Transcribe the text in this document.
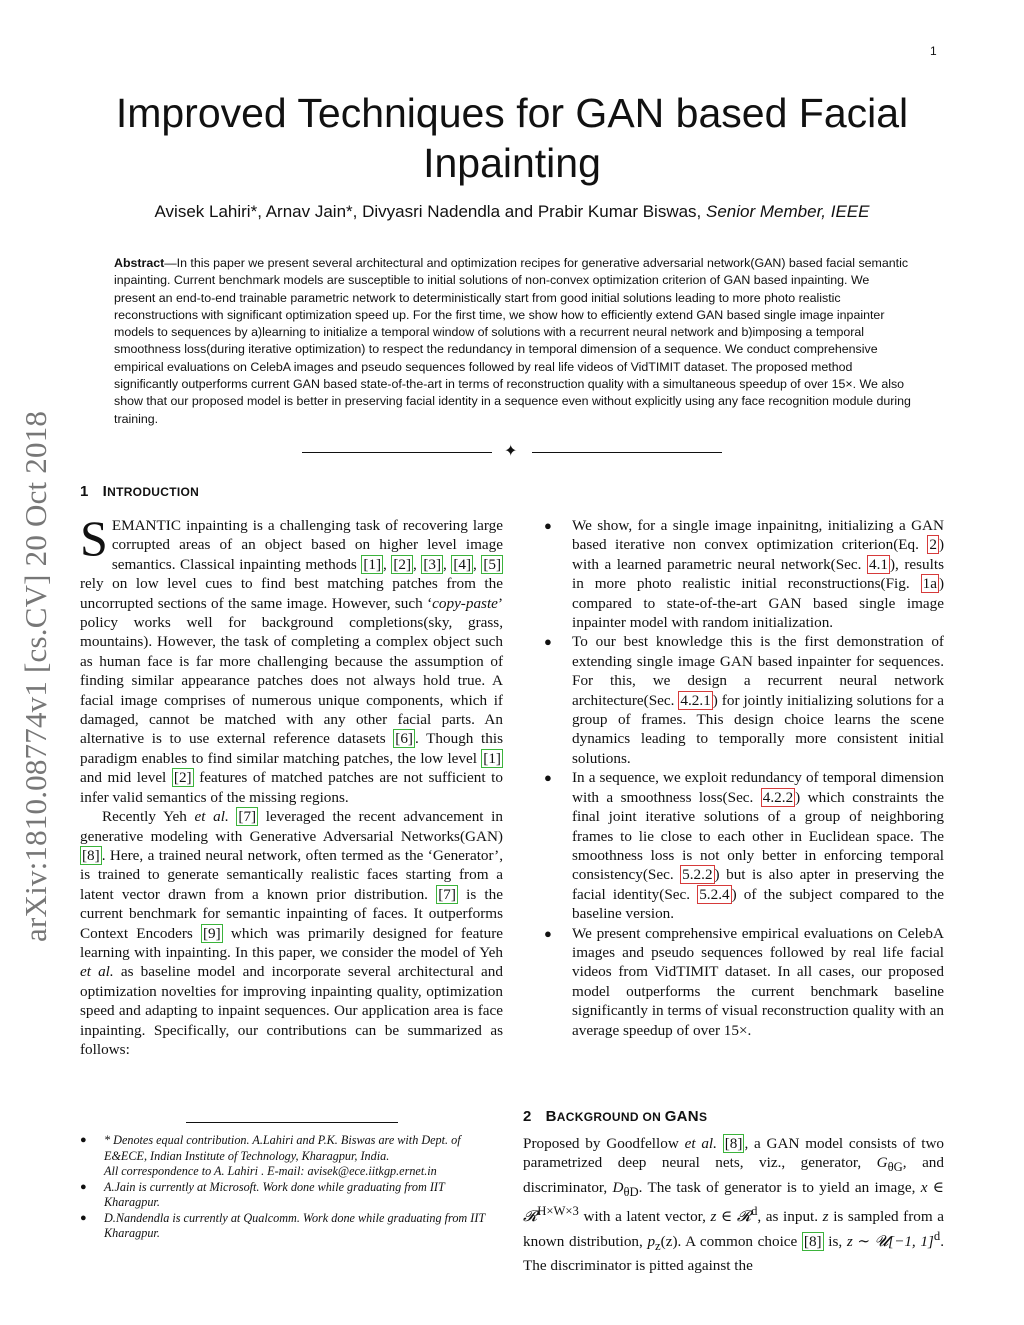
1
arXiv:1810.08774v1 [cs.CV] 20 Oct 2018
Improved Techniques for GAN based Facial Inpainting
Avisek Lahiri*, Arnav Jain*, Divyasri Nadendla and Prabir Kumar Biswas, Senior Member, IEEE
Abstract—In this paper we present several architectural and optimization recipes for generative adversarial network(GAN) based facial semantic inpainting. Current benchmark models are susceptible to initial solutions of non-convex optimization criterion of GAN based inpainting. We present an end-to-end trainable parametric network to deterministically start from good initial solutions leading to more photo realistic reconstructions with significant optimization speed up. For the first time, we show how to efficiently extend GAN based single image inpainter models to sequences by a)learning to initialize a temporal window of solutions with a recurrent neural network and b)imposing a temporal smoothness loss(during iterative optimization) to respect the redundancy in temporal dimension of a sequence. We conduct comprehensive empirical evaluations on CelebA images and pseudo sequences followed by real life videos of VidTIMIT dataset. The proposed method significantly outperforms current GAN based state-of-the-art in terms of reconstruction quality with a simultaneous speedup of over 15×. We also show that our proposed model is better in preserving facial identity in a sequence even without explicitly using any face recognition module during training.
✦
1 INTRODUCTION

SEMANTIC inpainting is a challenging task of recovering large corrupted areas of an object based on higher level image semantics. Classical inpainting methods [1] , [2] , [3] , [4] , [5] rely on low level cues to find best matching patches from the uncorrupted sections of the same image. However, such ‘copy-paste’ policy works well for background completions(sky, grass, mountains). However, the task of completing a complex object such as human face is far more challenging because the assumption of finding similar appearance patches does not always hold true. A facial image comprises of numerous unique components, which if damaged, cannot be matched with any other facial parts. An alternative is to use external reference datasets [6] . Though this paradigm enables to find similar matching patches, the low level [1] and mid level [2] features of matched patches are not sufficient to infer valid semantics of the missing regions.

Recently Yeh et al. [7] leveraged the recent advancement in generative modeling with Generative Adversarial Networks(GAN) [8] . Here, a trained neural network, often termed as the ‘Generator’, is trained to generate semantically realistic faces starting from a latent vector drawn from a known prior distribution. [7] is the current benchmark for semantic inpainting of faces. It outperforms Context Encoders [9] which was primarily designed for feature learning with inpainting. In this paper, we consider the model of Yeh et al. as baseline model and incorporate several architectural and optimization novelties for improving inpainting quality, optimization speed and adapting to inpaint sequences. Our application area is face inpainting. Specifically, our contributions can be summarized as follows:

● * Denotes equal contribution. A.Lahiri and P.K. Biswas are with Dept. of E&ECE, Indian Institute of Technology, Kharagpur, India.
All correspondence to A. Lahiri . E-mail: avisek@ece.iitkgp.ernet.in
● A.Jain is currently at Microsoft. Work done while graduating from IIT Kharagpur.
● D.Nandendla is currently at Qualcomm. Work done while graduating from IIT Kharagpur.
● We show, for a single image inpainitng, initializing a GAN based iterative non convex optimization criterion(Eq. 2 ) with a learned parametric neural network(Sec. 4.1 ), results in more photo realistic initial reconstructions(Fig. 1a ) compared to state-of-the-art GAN based single image inpainter model with random initialization.
● To our best knowledge this is the first demonstration of extending single image GAN based inpainter for sequences. For this, we design a recurrent neural network architecture(Sec. 4.2.1 ) for jointly initializing solutions for a group of frames. This design choice learns the scene dynamics leading to temporally more consistent initial solutions.
● In a sequence, we exploit redundancy of temporal dimension with a smoothness loss(Sec. 4.2.2 ) which constraints the final joint iterative solutions of a group of neighboring frames to lie close to each other in Euclidean space. The smoothness loss is not only better in enforcing temporal consistency(Sec. 5.2.2 ) but is also apter in preserving the facial identity(Sec. 5.2.4 ) of the subject compared to the baseline version.
● We present comprehensive empirical evaluations on CelebA images and pseudo sequences followed by real life facial videos from VidTIMIT dataset. In all cases, our proposed model outperforms the current benchmark baseline significantly in terms of visual reconstruction quality with an average speedup of over 15×.
2 BACKGROUND ON GANS

Proposed by Goodfellow et al. [8] , a GAN model consists of two parametrized deep neural nets, viz., generator, $G_{\theta G}$, and discriminator, $D_{\theta D}$. The task of generator is to yield an image, x ∈ 𝓡$^{H\times W\times 3}$ with a latent vector, z ∈ 𝓡$^d$, as input. z is sampled from a known distribution, $p_z(z)$. A common choice [8] is, z ∼ 𝓤[−1, 1]$^d$. The discriminator is pitted against the
